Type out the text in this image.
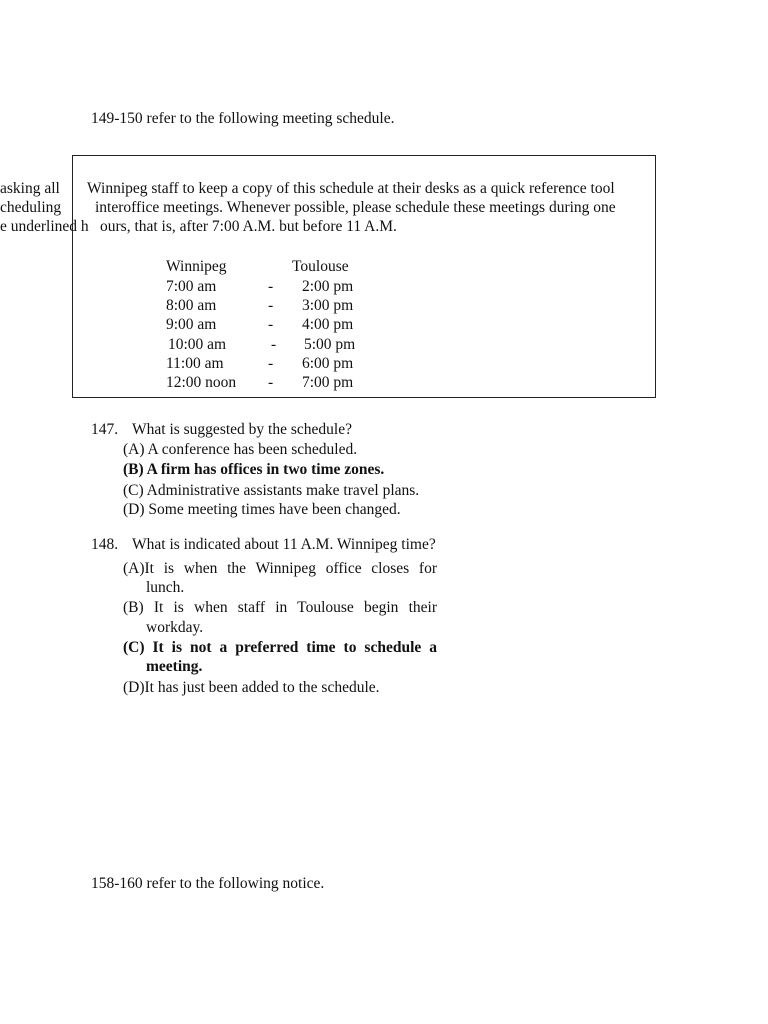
149-150 refer to the following meeting schedule.
asking all Winnipeg staff to keep a copy of this schedule at their desks as a quick reference tool
cheduling interoffice meetings. Whenever possible, please schedule these meetings during one
e underlined h ours, that is, after 7:00 A.M. but before 11 A.M.
Winnipeg	Toulouse
7:00 am	- 2:00 pm
8:00 am	- 3:00 pm
9:00 am	- 4:00 pm
10:00 am	- 5:00 pm
11:00 am	- 6:00 pm
12:00 noon - 7:00 pm
147. What is suggested by the schedule?
(A) A conference has been scheduled.
(B) A firm has offices in two time zones.
(C) Administrative assistants make travel plans.
(D) Some meeting times have been changed.
148. What is indicated about 11 A.M. Winnipeg time?
(A)It is when the Winnipeg office closes for
lunch.
(B) It is when staff in Toulouse begin their
workday.
(C) It is not a preferred time to schedule a
meeting.
(D)It has just been added to the schedule.
158-160 refer to the following notice.
